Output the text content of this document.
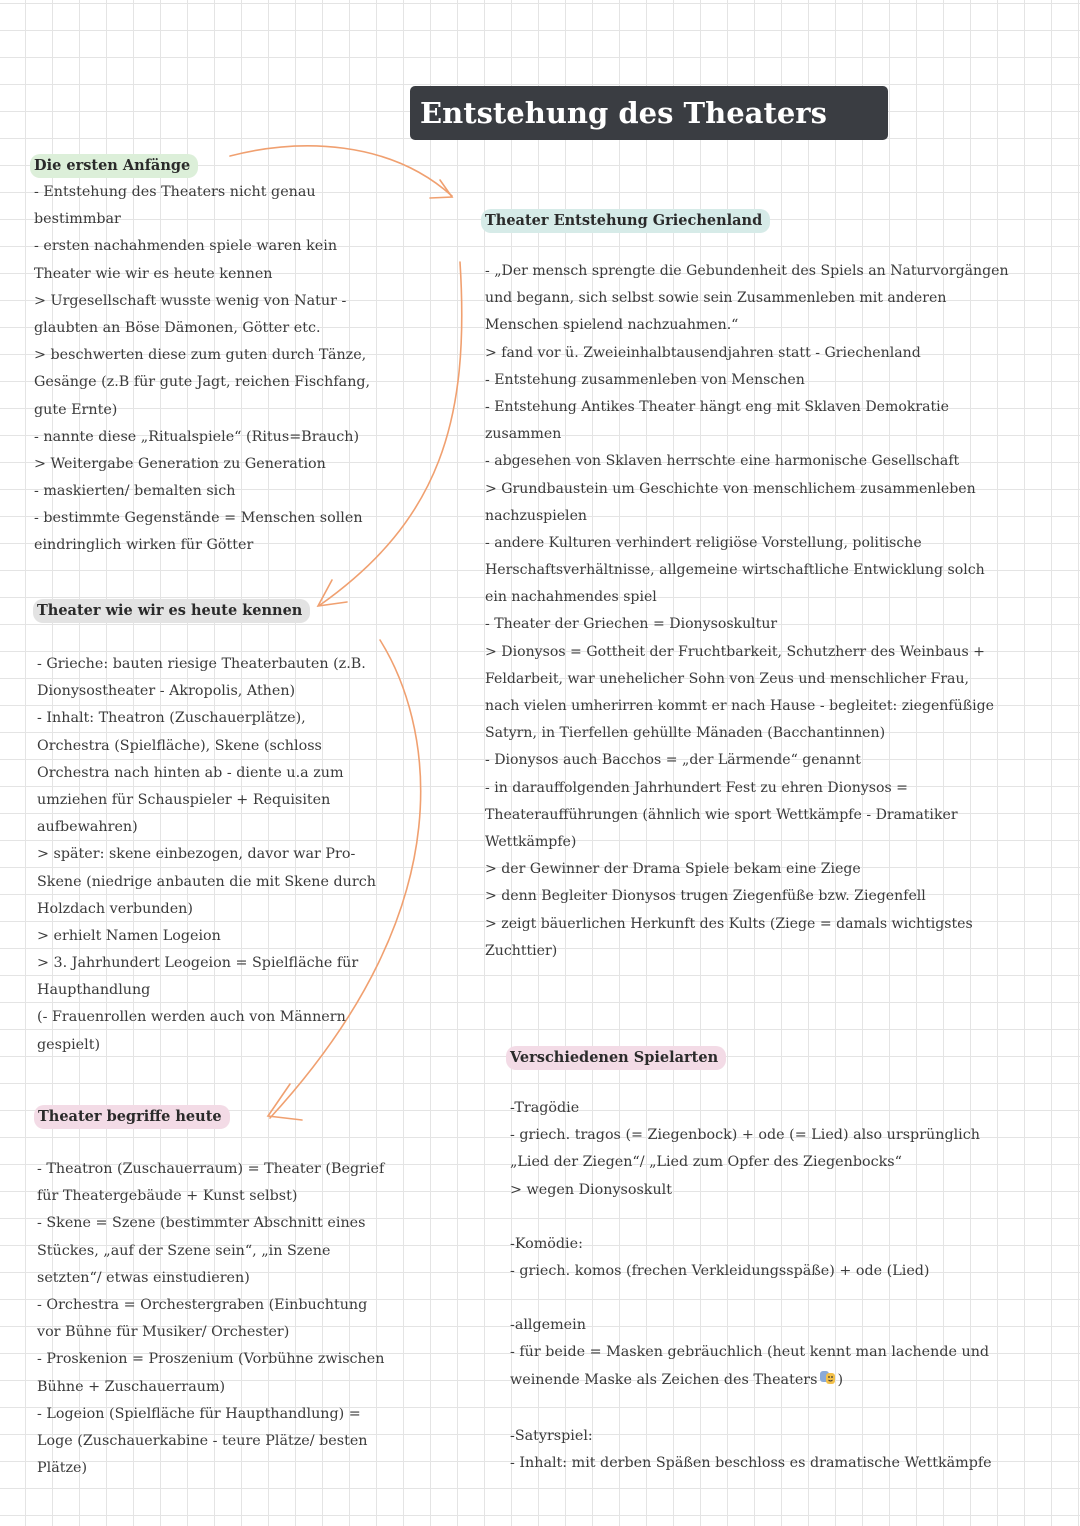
Entstehung des Theaters
Die ersten Anfänge
- Entstehung des Theaters nicht genau
bestimmbar
- ersten nachahmenden spiele waren kein
Theater wie wir es heute kennen
> Urgesellschaft wusste wenig von Natur -
glaubten an Böse Dämonen, Götter etc.
> beschwerten diese zum guten durch Tänze,
Gesänge (z.B für gute Jagt, reichen Fischfang,
gute Ernte)
- nannte diese „Ritualspiele“ (Ritus=Brauch)
> Weitergabe Generation zu Generation
- maskierten/ bemalten sich
- bestimmte Gegenstände = Menschen sollen
eindringlich wirken für Götter
Theater wie wir es heute kennen
- Grieche: bauten riesige Theaterbauten (z.B.
Dionysostheater - Akropolis, Athen)
- Inhalt: Theatron (Zuschauerplätze),
Orchestra (Spielfläche), Skene (schloss
Orchestra nach hinten ab - diente u.a zum
umziehen für Schauspieler + Requisiten
aufbewahren)
> später: skene einbezogen, davor war Pro-
Skene (niedrige anbauten die mit Skene durch
Holzdach verbunden)
> erhielt Namen Logeion
> 3. Jahrhundert Leogeion = Spielfläche für
Haupthandlung
(- Frauenrollen werden auch von Männern
gespielt)
Theater begriffe heute
- Theatron (Zuschauerraum) = Theater (Begrief
für Theatergebäude + Kunst selbst)
- Skene = Szene (bestimmter Abschnitt eines
Stückes, „auf der Szene sein“, „in Szene
setzten“/ etwas einstudieren)
- Orchestra = Orchestergraben (Einbuchtung
vor Bühne für Musiker/ Orchester)
- Proskenion = Proszenium (Vorbühne zwischen
Bühne + Zuschauerraum)
- Logeion (Spielfläche für Haupthandlung) =
Loge (Zuschauerkabine - teure Plätze/ besten
Plätze)
Theater Entstehung Griechenland
- „Der mensch sprengte die Gebundenheit des Spiels an Naturvorgängen
und begann, sich selbst sowie sein Zusammenleben mit anderen
Menschen spielend nachzuahmen.“
> fand vor ü. Zweieinhalbtausendjahren statt - Griechenland
- Entstehung zusammenleben von Menschen
- Entstehung Antikes Theater hängt eng mit Sklaven Demokratie
zusammen
- abgesehen von Sklaven herrschte eine harmonische Gesellschaft
> Grundbaustein um Geschichte von menschlichem zusammenleben
nachzuspielen
- andere Kulturen verhindert religiöse Vorstellung, politische
Herschaftsverhältnisse, allgemeine wirtschaftliche Entwicklung solch
ein nachahmendes spiel
- Theater der Griechen = Dionysoskultur
> Dionysos = Gottheit der Fruchtbarkeit, Schutzherr des Weinbaus +
Feldarbeit, war unehelicher Sohn von Zeus und menschlicher Frau,
nach vielen umherirren kommt er nach Hause - begleitet: ziegenfüßige
Satyrn, in Tierfellen gehüllte Mänaden (Bacchantinnen)
- Dionysos auch Bacchos = „der Lärmende“ genannt
- in darauffolgenden Jahrhundert Fest zu ehren Dionysos =
Theateraufführungen (ähnlich wie sport Wettkämpfe - Dramatiker
Wettkämpfe)
> der Gewinner der Drama Spiele bekam eine Ziege
> denn Begleiter Dionysos trugen Ziegenfüße bzw. Ziegenfell
> zeigt bäuerlichen Herkunft des Kults (Ziege = damals wichtigstes
Zuchttier)
Verschiedenen Spielarten
-Tragödie
- griech. tragos (= Ziegenbock) + ode (= Lied) also ursprünglich
„Lied der Ziegen“/ „Lied zum Opfer des Ziegenbocks“
> wegen Dionysoskult
-Komödie:
- griech. komos (frechen Verkleidungsspäße) + ode (Lied)
-allgemein
- für beide = Masken gebräuchlich (heut kennt man lachende und
weinende Maske als Zeichen des Theaters )
-Satyrspiel:
- Inhalt: mit derben Späßen beschloss es dramatische Wettkämpfe
